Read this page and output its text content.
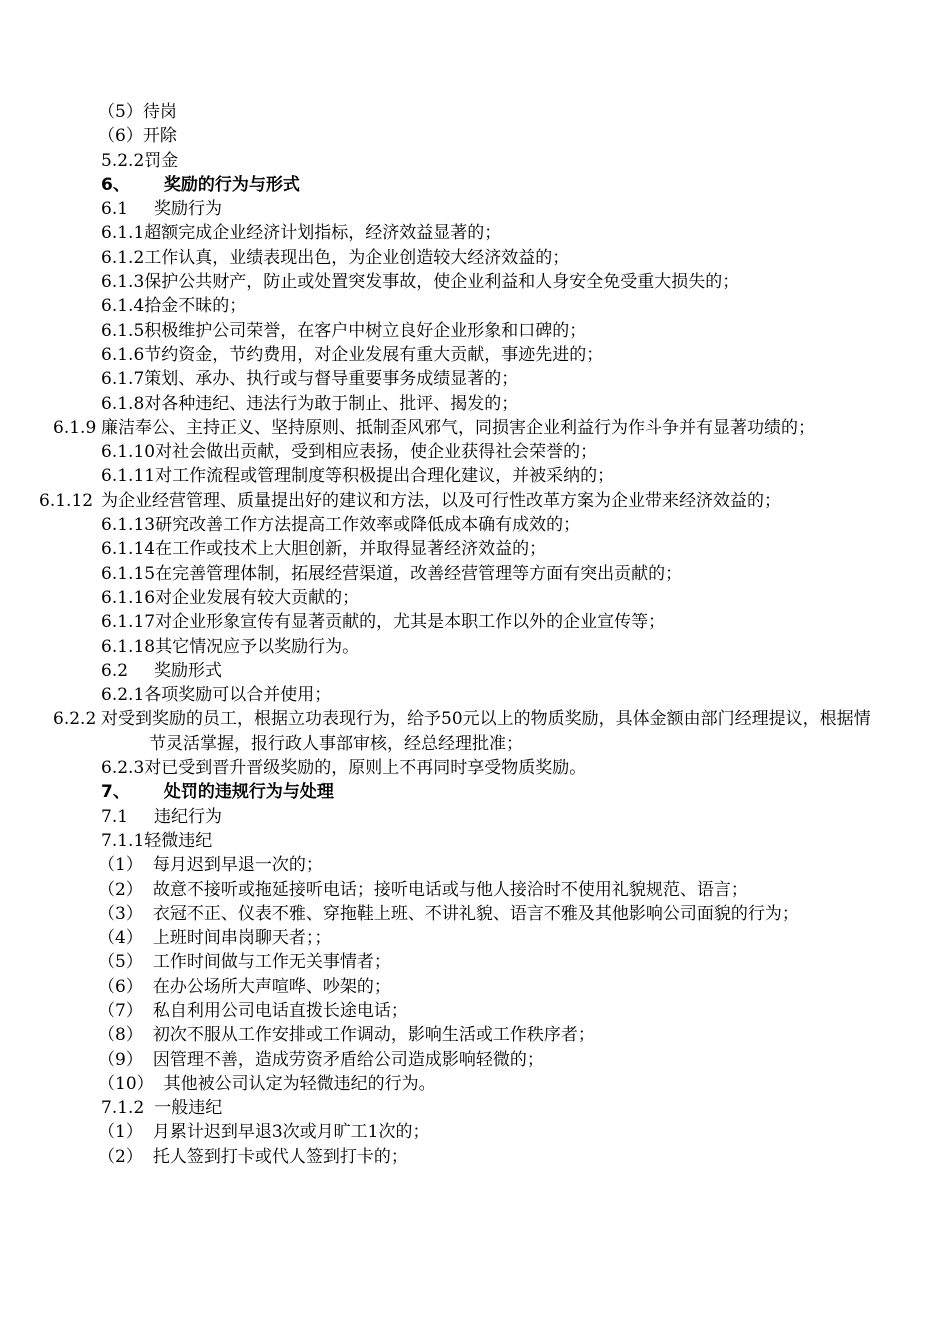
（5）待岗
（6）开除
5.2.2罚金
6、 奖励的行为与形式
6.1 奖励行为
6.1.1超额完成企业经济计划指标，经济效益显著的；
6.1.2工作认真，业绩表现出色，为企业创造较大经济效益的；
6.1.3保护公共财产，防止或处置突发事故，使企业利益和人身安全免受重大损失的；
6.1.4拾金不昧的；
6.1.5积极维护公司荣誉，在客户中树立良好企业形象和口碑的；
6.1.6节约资金，节约费用，对企业发展有重大贡献，事迹先进的；
6.1.7策划、承办、执行或与督导重要事务成绩显著的；
6.1.8对各种违纪、违法行为敢于制止、批评、揭发的；
6.1.9 廉洁奉公、主持正义、坚持原则、抵制歪风邪气，同损害企业利益行为作斗争并有显著功绩的；
6.1.10对社会做出贡献，受到相应表扬，使企业获得社会荣誉的；
6.1.11对工作流程或管理制度等积极提出合理化建议，并被采纳的；
6.1.12 为企业经营管理、质量提出好的建议和方法，以及可行性改革方案为企业带来经济效益的；
6.1.13研究改善工作方法提高工作效率或降低成本确有成效的；
6.1.14在工作或技术上大胆创新，并取得显著经济效益的；
6.1.15在完善管理体制，拓展经营渠道，改善经营管理等方面有突出贡献的；
6.1.16对企业发展有较大贡献的；
6.1.17对企业形象宣传有显著贡献的，尤其是本职工作以外的企业宣传等；
6.1.18其它情况应予以奖励行为。
6.2 奖励形式
6.2.1各项奖励可以合并使用；
6.2.2 对受到奖励的员工，根据立功表现行为，给予50元以上的物质奖励，具体金额由部门经理提议，根据情节灵活掌握，报行政人事部审核，经总经理批准；
6.2.3对已受到晋升晋级奖励的，原则上不再同时享受物质奖励。
7、 处罚的违规行为与处理
7.1 违纪行为
7.1.1轻微违纪
（1） 每月迟到早退一次的；
（2） 故意不接听或拖延接听电话；接听电话或与他人接洽时不使用礼貌规范、语言；
（3） 衣冠不正、仪表不雅、穿拖鞋上班、不讲礼貌、语言不雅及其他影响公司面貌的行为；
（4） 上班时间串岗聊天者；；
（5） 工作时间做与工作无关事情者；
（6） 在办公场所大声喧哗、吵架的；
（7） 私自利用公司电话直拨长途电话；
（8） 初次不服从工作安排或工作调动，影响生活或工作秩序者；
（9） 因管理不善，造成劳资矛盾给公司造成影响轻微的；
（10） 其他被公司认定为轻微违纪的行为。
7.1.2 一般违纪
（1） 月累计迟到早退3次或月旷工1次的；
（2） 托人签到打卡或代人签到打卡的；
